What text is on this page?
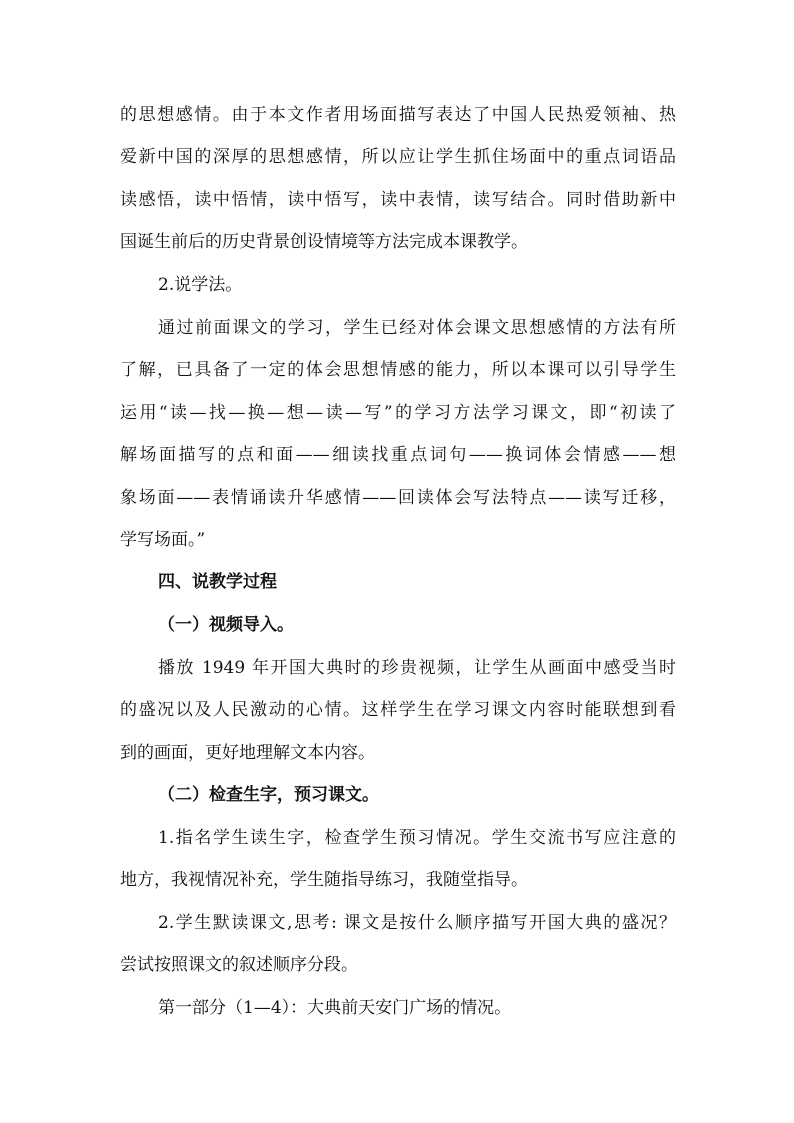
的思想感情。由于本文作者用场面描写表达了中国人民热爱领袖、热
爱新中国的深厚的思想感情，所以应让学生抓住场面中的重点词语品
读感悟，读中悟情，读中悟写，读中表情，读写结合。同时借助新中
国诞生前后的历史背景创设情境等方法完成本课教学。
2.说学法。
通过前面课文的学习，学生已经对体会课文思想感情的方法有所
了解，已具备了一定的体会思想情感的能力，所以本课可以引导学生
运用“读—找—换—想—读—写”的学习方法学习课文，即“初读了
解场面描写的点和面——细读找重点词句——换词体会情感——想
象场面——表情诵读升华感情——回读体会写法特点——读写迁移，
学写场面。”
四、说教学过程
（一）视频导入。
播放 1949 年开国大典时的珍贵视频，让学生从画面中感受当时
的盛况以及人民激动的心情。这样学生在学习课文内容时能联想到看
到的画面，更好地理解文本内容。
（二）检查生字，预习课文。
1.指名学生读生字，检查学生预习情况。学生交流书写应注意的
地方，我视情况补充，学生随指导练习，我随堂指导。
2.学生默读课文,思考: 课文是按什么顺序描写开国大典的盛况？
尝试按照课文的叙述顺序分段。
第一部分（1—4）：大典前天安门广场的情况。
